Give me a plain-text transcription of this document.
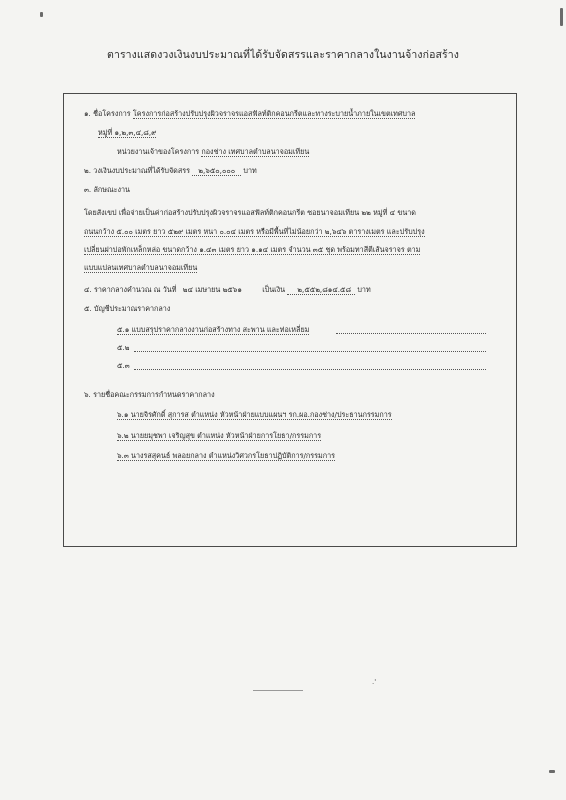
ตารางแสดงวงเงินงบประมาณที่ได้รับจัดสรรและราคากลางในงานจ้างก่อสร้าง
๑. ชื่อโครงการ โครงการก่อสร้างปรับปรุงผิวจราจรแอสฟัลท์ติกคอนกรีตและทางระบายน้ำภายในเขตเทศบาล
หมู่ที่ ๑,๒,๓,๔,๘,๙
หน่วยงานเจ้าของโครงการ กองช่าง เทศบาลตำบลนาจอมเทียน
๒. วงเงินงบประมาณที่ได้รับจัดสรร ๒,๖๕๐,๐๐๐ บาท
๓. ลักษณะงาน
โดยสังเขป เพื่อจ่ายเป็นค่าก่อสร้างปรับปรุงผิวจราจรแอสฟัลท์ติกคอนกรีต ซอยนาจอมเทียน ๒๒ หมู่ที่ ๔ ขนาด
ถนนกว้าง ๕.๐๐ เมตร ยาว ๕๒๙ เมตร หนา ๐.๐๔ เมตร หรือมีพื้นที่ไม่น้อยกว่า ๒,๖๔๖ ตารางเมตร และปรับปรุง
เปลี่ยนฝาบ่อพักเหล็กหล่อ ขนาดกว้าง ๑.๔๓ เมตร ยาว ๑.๑๔ เมตร จำนวน ๓๕ ชุด พร้อมทาสีตีเส้นจราจร ตาม
แบบแปลนเทศบาลตำบลนาจอมเทียน
๔. ราคากลางคำนวณ ณ วันที่ ๒๔ เมษายน ๒๕๖๑	เป็นเงิน ๒,๕๕๒,๘๑๔.๕๘ บาท
๕. บัญชีประมาณราคากลาง
๕.๑ แบบสรุปราคากลางงานก่อสร้างทาง สะพาน และท่อเหลี่ยม
๕.๒
๕.๓
๖. รายชื่อคณะกรรมการกำหนดราคากลาง
๖.๑ นายจิรศักดิ์ สุการส ตำแหน่ง หัวหน้าฝ่ายแบบแผนฯ รก.ผอ.กองช่าง/ประธานกรรมการ
๖.๒ นายยมุชพา เจริญสุข ตำแหน่ง หัวหน้าฝ่ายการโยธา/กรรมการ
๖.๓ นางรสสุคนธ์ พลอยกลาง ตำแหน่งวิศวกรโยธาปฏิบัติการ/กรรมการ
.'
